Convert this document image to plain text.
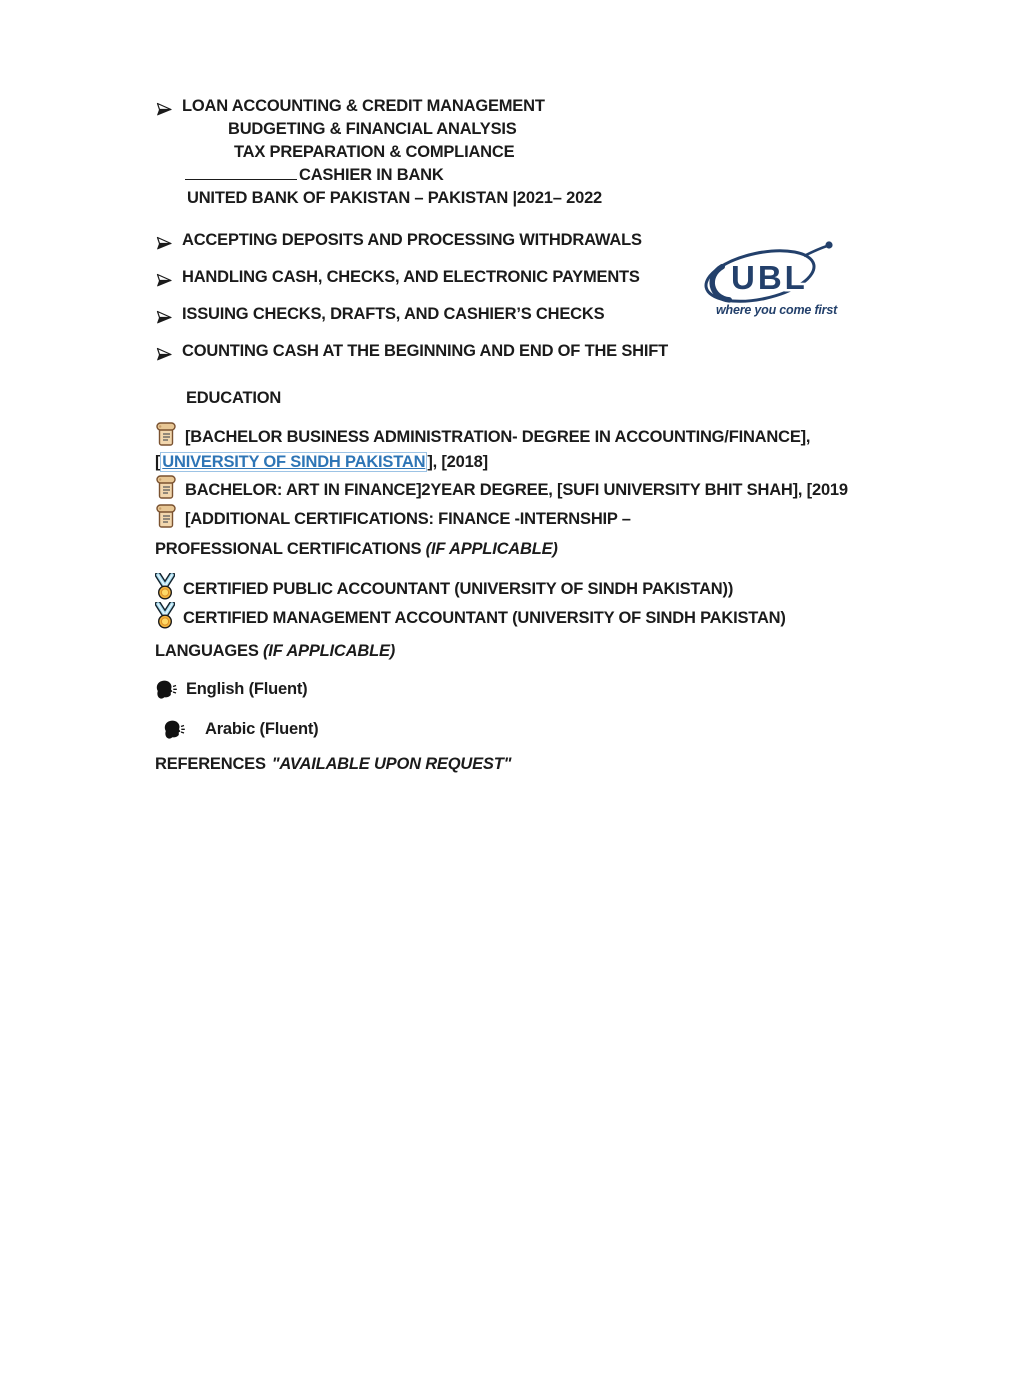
LOAN ACCOUNTING & CREDIT MANAGEMENT
BUDGETING & FINANCIAL ANALYSIS
TAX PREPARATION & COMPLIANCE
CASHIER IN BANK
UNITED BANK OF PAKISTAN – PAKISTAN |2021– 2022
ACCEPTING DEPOSITS AND PROCESSING WITHDRAWALS
HANDLING CASH, CHECKS, AND ELECTRONIC PAYMENTS
ISSUING CHECKS, DRAFTS, AND CASHIER’S CHECKS
COUNTING CASH AT THE BEGINNING AND END OF THE SHIFT
UBL
where you come first
EDUCATION

[BACHELOR BUSINESS ADMINISTRATION- DEGREE IN ACCOUNTING/FINANCE],
[ UNIVERSITY OF SINDH PAKISTAN ], [2018]

BACHELOR: ART IN FINANCE]2YEAR DEGREE, [SUFI UNIVERSITY BHIT SHAH], [2019

[ADDITIONAL CERTIFICATIONS: FINANCE -INTERNSHIP –

PROFESSIONAL CERTIFICATIONS (IF APPLICABLE)
CERTIFIED PUBLIC ACCOUNTANT (UNIVERSITY OF SINDH PAKISTAN))
CERTIFIED MANAGEMENT ACCOUNTANT (UNIVERSITY OF SINDH PAKISTAN)
LANGUAGES (IF APPLICABLE)
English (Fluent)
Arabic (Fluent)
REFERENCES "AVAILABLE UPON REQUEST"
